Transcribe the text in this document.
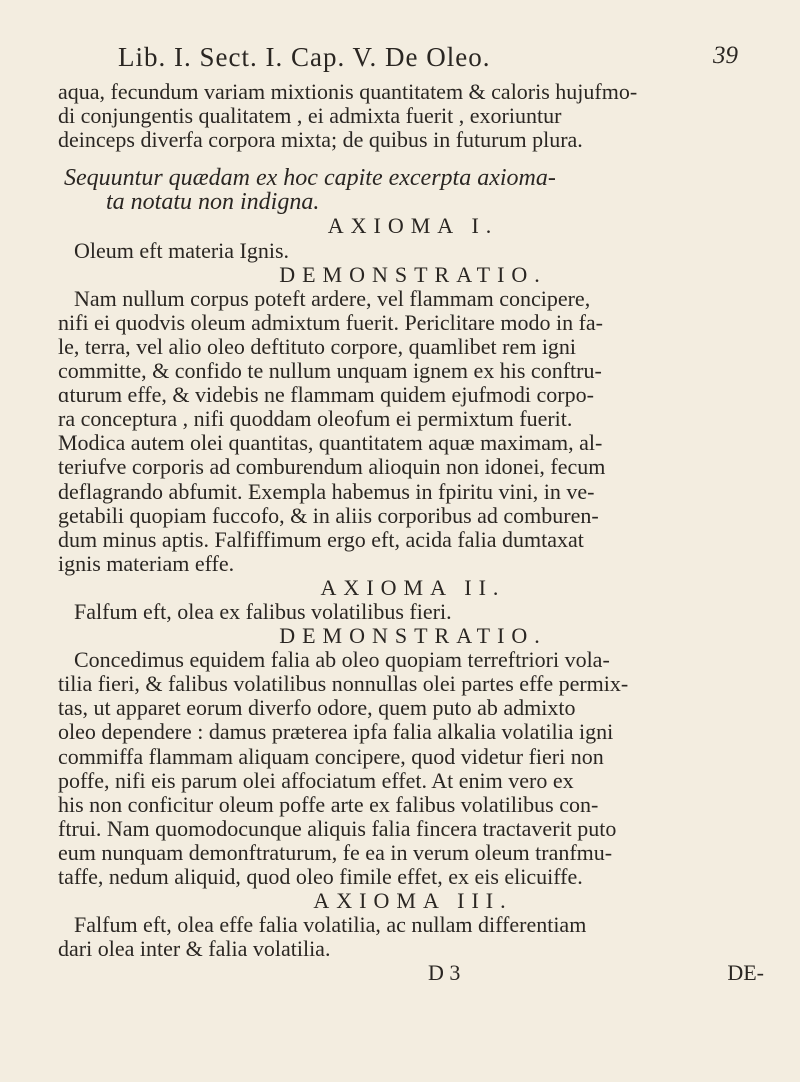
Lib. I. Sect. I. Cap. V. De Oleo.	39
aqua, fecundum variam mixtionis quantitatem & caloris hujufmo-
di conjungentis qualitatem , ei admixta fuerit , exoriuntur
deinceps diverfa corpora mixta; de quibus in futurum plura.
Sequuntur quædam ex hoc capite excerpta axioma-
ta notatu non indigna.
AXIOMA I.
Oleum eft materia Ignis.
DEMONSTRATIO.
Nam nullum corpus poteft ardere, vel flammam concipere,
nifi ei quodvis oleum admixtum fuerit. Periclitare modo in fa-
le, terra, vel alio oleo deftituto corpore, quamlibet rem igni
committe, & confido te nullum unquam ignem ex his conftru-
ɑturum effe, & videbis ne flammam quidem ejufmodi corpo-
ra conceptura , nifi quoddam oleofum ei permixtum fuerit.
Modica autem olei quantitas, quantitatem aquæ maximam, al-
teriufve corporis ad comburendum alioquin non idonei, fecum
deflagrando abfumit. Exempla habemus in fpiritu vini, in ve-
getabili quopiam fuccofo, & in aliis corporibus ad comburen-
dum minus aptis. Falfiffimum ergo eft, acida falia dumtaxat
ignis materiam effe.
AXIOMA II.
Falfum eft, olea ex falibus volatilibus fieri.
DEMONSTRATIO.
Concedimus equidem falia ab oleo quopiam terreftriori vola-
tilia fieri, & falibus volatilibus nonnullas olei partes effe permix-
tas, ut apparet eorum diverfo odore, quem puto ab admixto
oleo dependere : damus præterea ipfa falia alkalia volatilia igni
commiffa flammam aliquam concipere, quod videtur fieri non
poffe, nifi eis parum olei affociatum effet. At enim vero ex
his non conficitur oleum poffe arte ex falibus volatilibus con-
ftrui. Nam quomodocunque aliquis falia fincera tractaverit puto
eum nunquam demonftraturum, fe ea in verum oleum tranfmu-
taffe, nedum aliquid, quod oleo fimile effet, ex eis elicuiffe.
AXIOMA III.
Falfum eft, olea effe falia volatilia, ac nullam differentiam
dari olea inter & falia volatilia.
D 3	DE-
